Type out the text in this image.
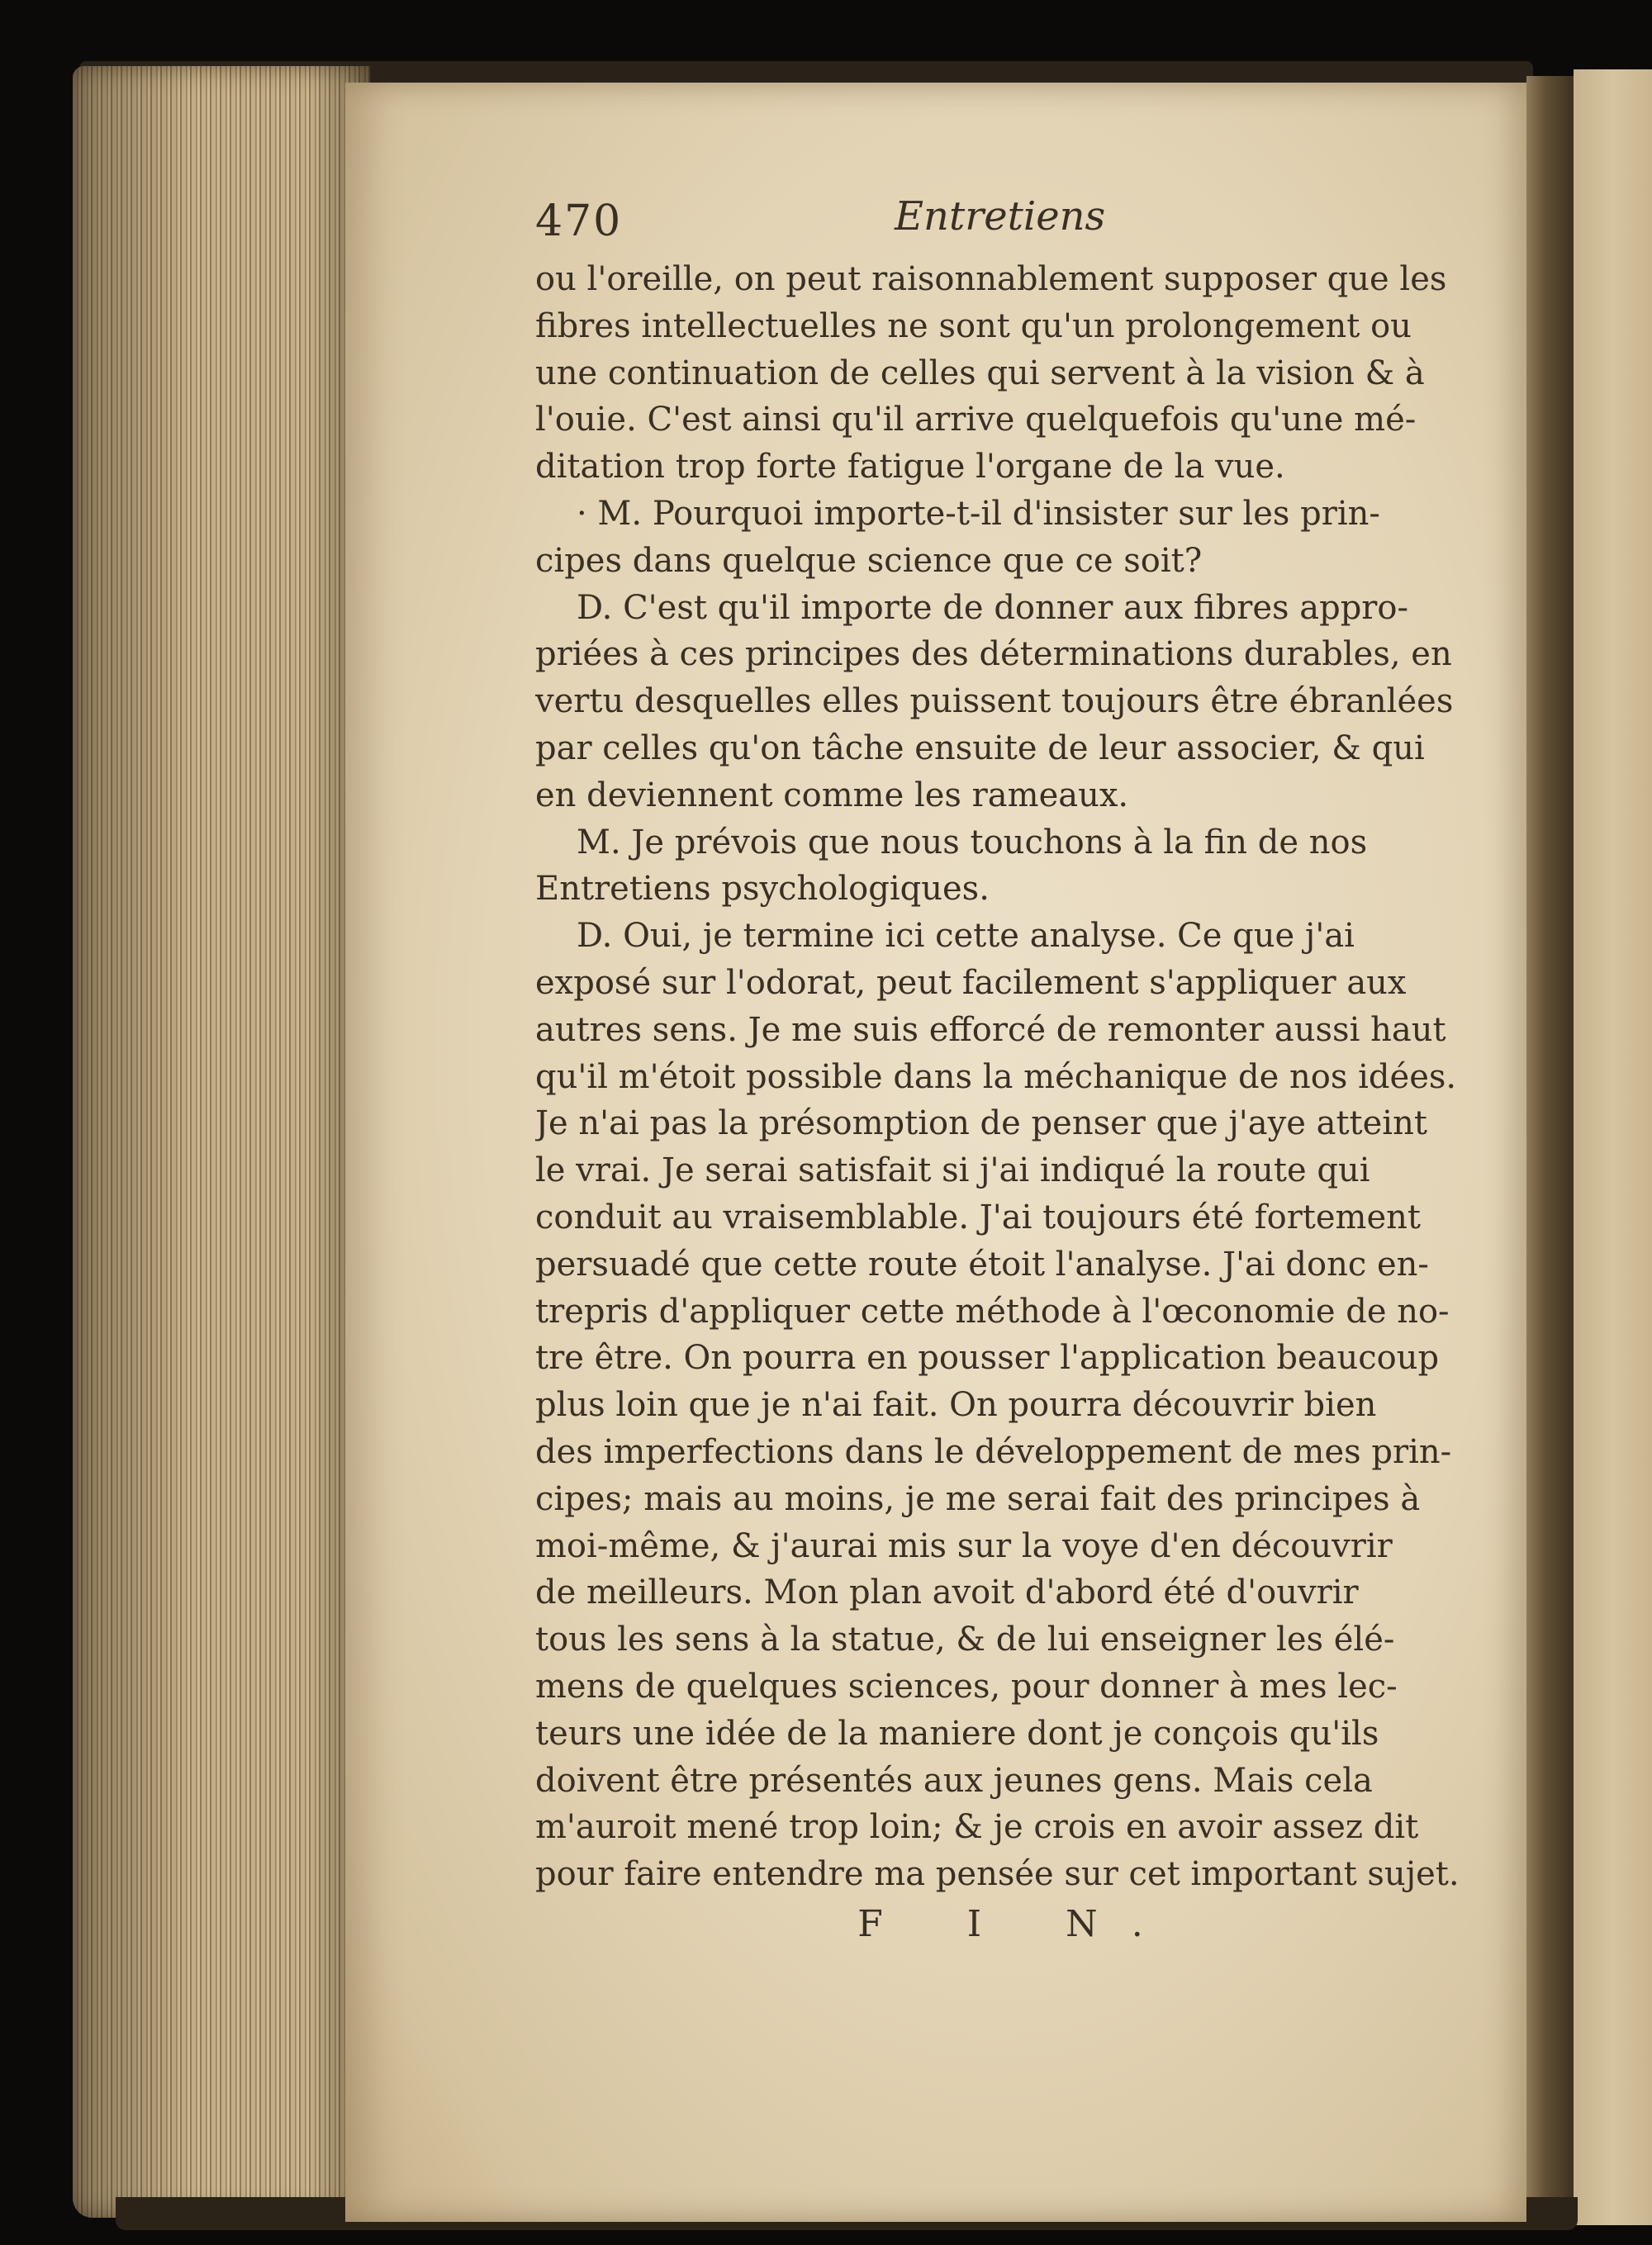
470	Entretiens
ou l'oreille, on peut raisonnablement supposer que les
fibres intellectuelles ne sont qu'un prolongement ou
une continuation de celles qui servent à la vision & à
l'ouie. C'est ainsi qu'il arrive quelquefois qu'une mé-
ditation trop forte fatigue l'organe de la vue.
· M. Pourquoi importe-t-il d'insister sur les prin-
cipes dans quelque science que ce soit?
D. C'est qu'il importe de donner aux fibres appro-
priées à ces principes des déterminations durables, en
vertu desquelles elles puissent toujours être ébranlées
par celles qu'on tâche ensuite de leur associer, & qui
en deviennent comme les rameaux.
M. Je prévois que nous touchons à la fin de nos
Entretiens psychologiques.
D. Oui, je termine ici cette analyse. Ce que j'ai
exposé sur l'odorat, peut facilement s'appliquer aux
autres sens. Je me suis efforcé de remonter aussi haut
qu'il m'étoit possible dans la méchanique de nos idées.
Je n'ai pas la présomption de penser que j'aye atteint
le vrai. Je serai satisfait si j'ai indiqué la route qui
conduit au vraisemblable. J'ai toujours été fortement
persuadé que cette route étoit l'analyse. J'ai donc en-
trepris d'appliquer cette méthode à l'œconomie de no-
tre être. On pourra en pousser l'application beaucoup
plus loin que je n'ai fait. On pourra découvrir bien
des imperfections dans le développement de mes prin-
cipes; mais au moins, je me serai fait des principes à
moi-même, & j'aurai mis sur la voye d'en découvrir
de meilleurs. Mon plan avoit d'abord été d'ouvrir
tous les sens à la statue, & de lui enseigner les élé-
mens de quelques sciences, pour donner à mes lec-
teurs une idée de la maniere dont je conçois qu'ils
doivent être présentés aux jeunes gens. Mais cela
m'auroit mené trop loin; & je crois en avoir assez dit
pour faire entendre ma pensée sur cet important sujet.
F I N.
